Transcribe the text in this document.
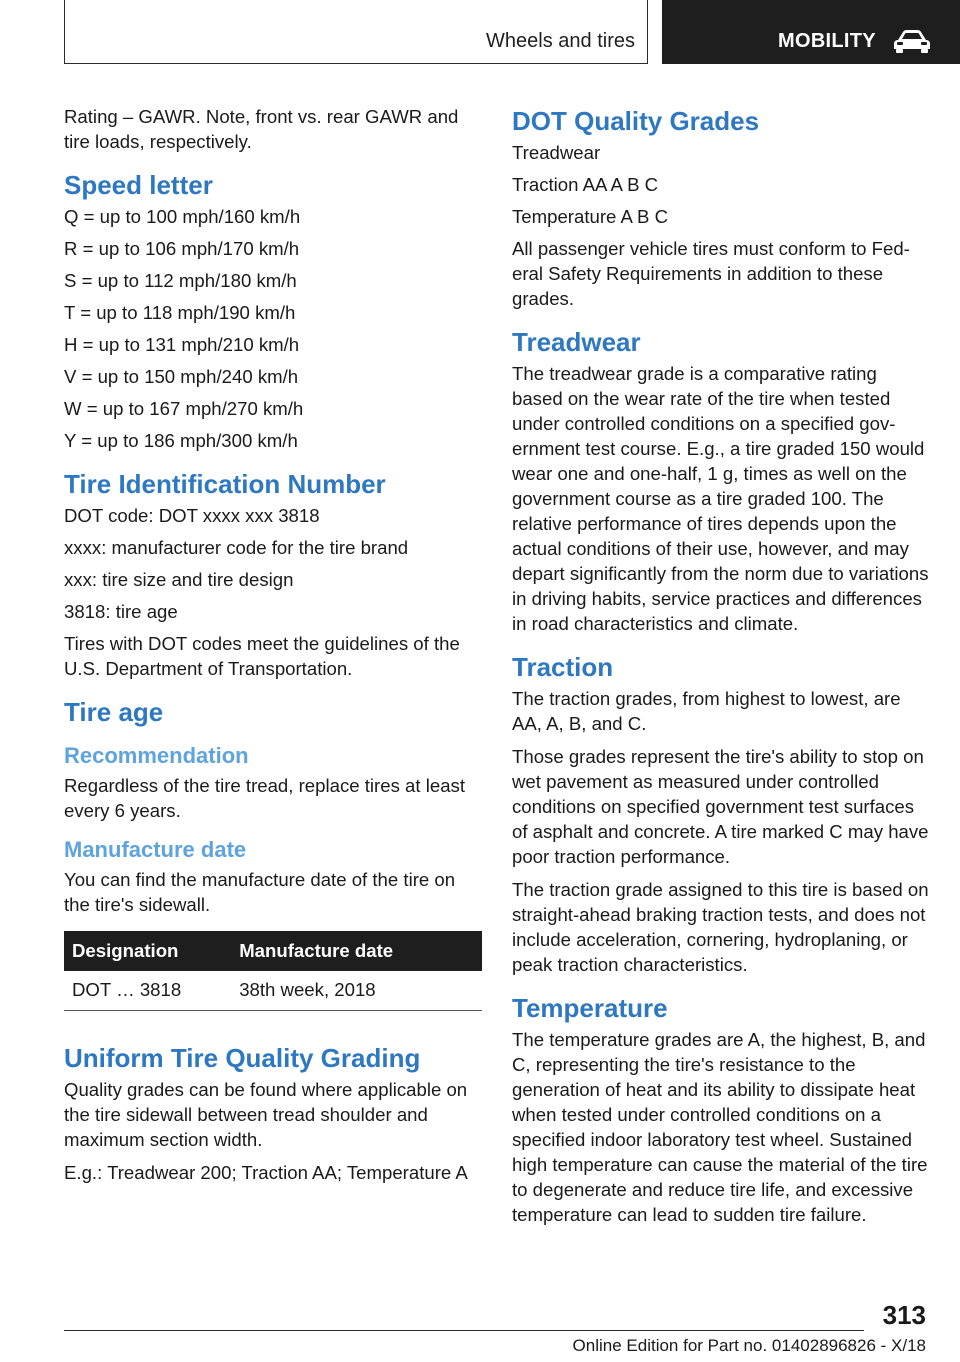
Wheels and tires	MOBILITY

Rating – GAWR. Note, front vs. rear GAWR and tire loads, respectively.

Speed letter

Q = up to 100 mph/160 km/h

R = up to 106 mph/170 km/h

S = up to 112 mph/180 km/h

T = up to 118 mph/190 km/h

H = up to 131 mph/210 km/h

V = up to 150 mph/240 km/h

W = up to 167 mph/270 km/h

Y = up to 186 mph/300 km/h

Tire Identification Number

DOT code: DOT xxxx xxx 3818

xxxx: manufacturer code for the tire brand

xxx: tire size and tire design

3818: tire age

Tires with DOT codes meet the guidelines of the U.S. Department of Transportation.

Tire age
Recommendation

Regardless of the tire tread, replace tires at least every 6 years.

Manufacture date

You can find the manufacture date of the tire on the tire's sidewall.

Designation	Manufacture date
DOT … 3818	38th week, 2018
Uniform Tire Quality Grading

Quality grades can be found where applicable on the tire sidewall between tread shoulder and maximum section width.

E.g.: Treadwear 200; Traction AA; Temperature A

DOT Quality Grades

Treadwear

Traction AA A B C

Temperature A B C

All passenger vehicle tires must conform to Federal Safety Requirements in addition to these grades.

Treadwear

The treadwear grade is a comparative rating based on the wear rate of the tire when tested under controlled conditions on a specified government test course. E.g., a tire graded 150 would wear one and one-half, 1 g, times as well on the government course as a tire graded 100. The relative performance of tires depends upon the actual conditions of their use, however, and may depart significantly from the norm due to variations in driving habits, service practices and differences in road characteristics and climate.

Traction

The traction grades, from highest to lowest, are AA, A, B, and C.

Those grades represent the tire's ability to stop on wet pavement as measured under controlled conditions on specified government test surfaces of asphalt and concrete. A tire marked C may have poor traction performance.

The traction grade assigned to this tire is based on straight-ahead braking traction tests, and does not include acceleration, cornering, hydroplaning, or peak traction characteristics.

Temperature

The temperature grades are A, the highest, B, and C, representing the tire's resistance to the generation of heat and its ability to dissipate heat when tested under controlled conditions on a specified indoor laboratory test wheel. Sustained high temperature can cause the material of the tire to degenerate and reduce tire life, and excessive temperature can lead to sudden tire failure.

313
Online Edition for Part no. 01402896826 - X/18
